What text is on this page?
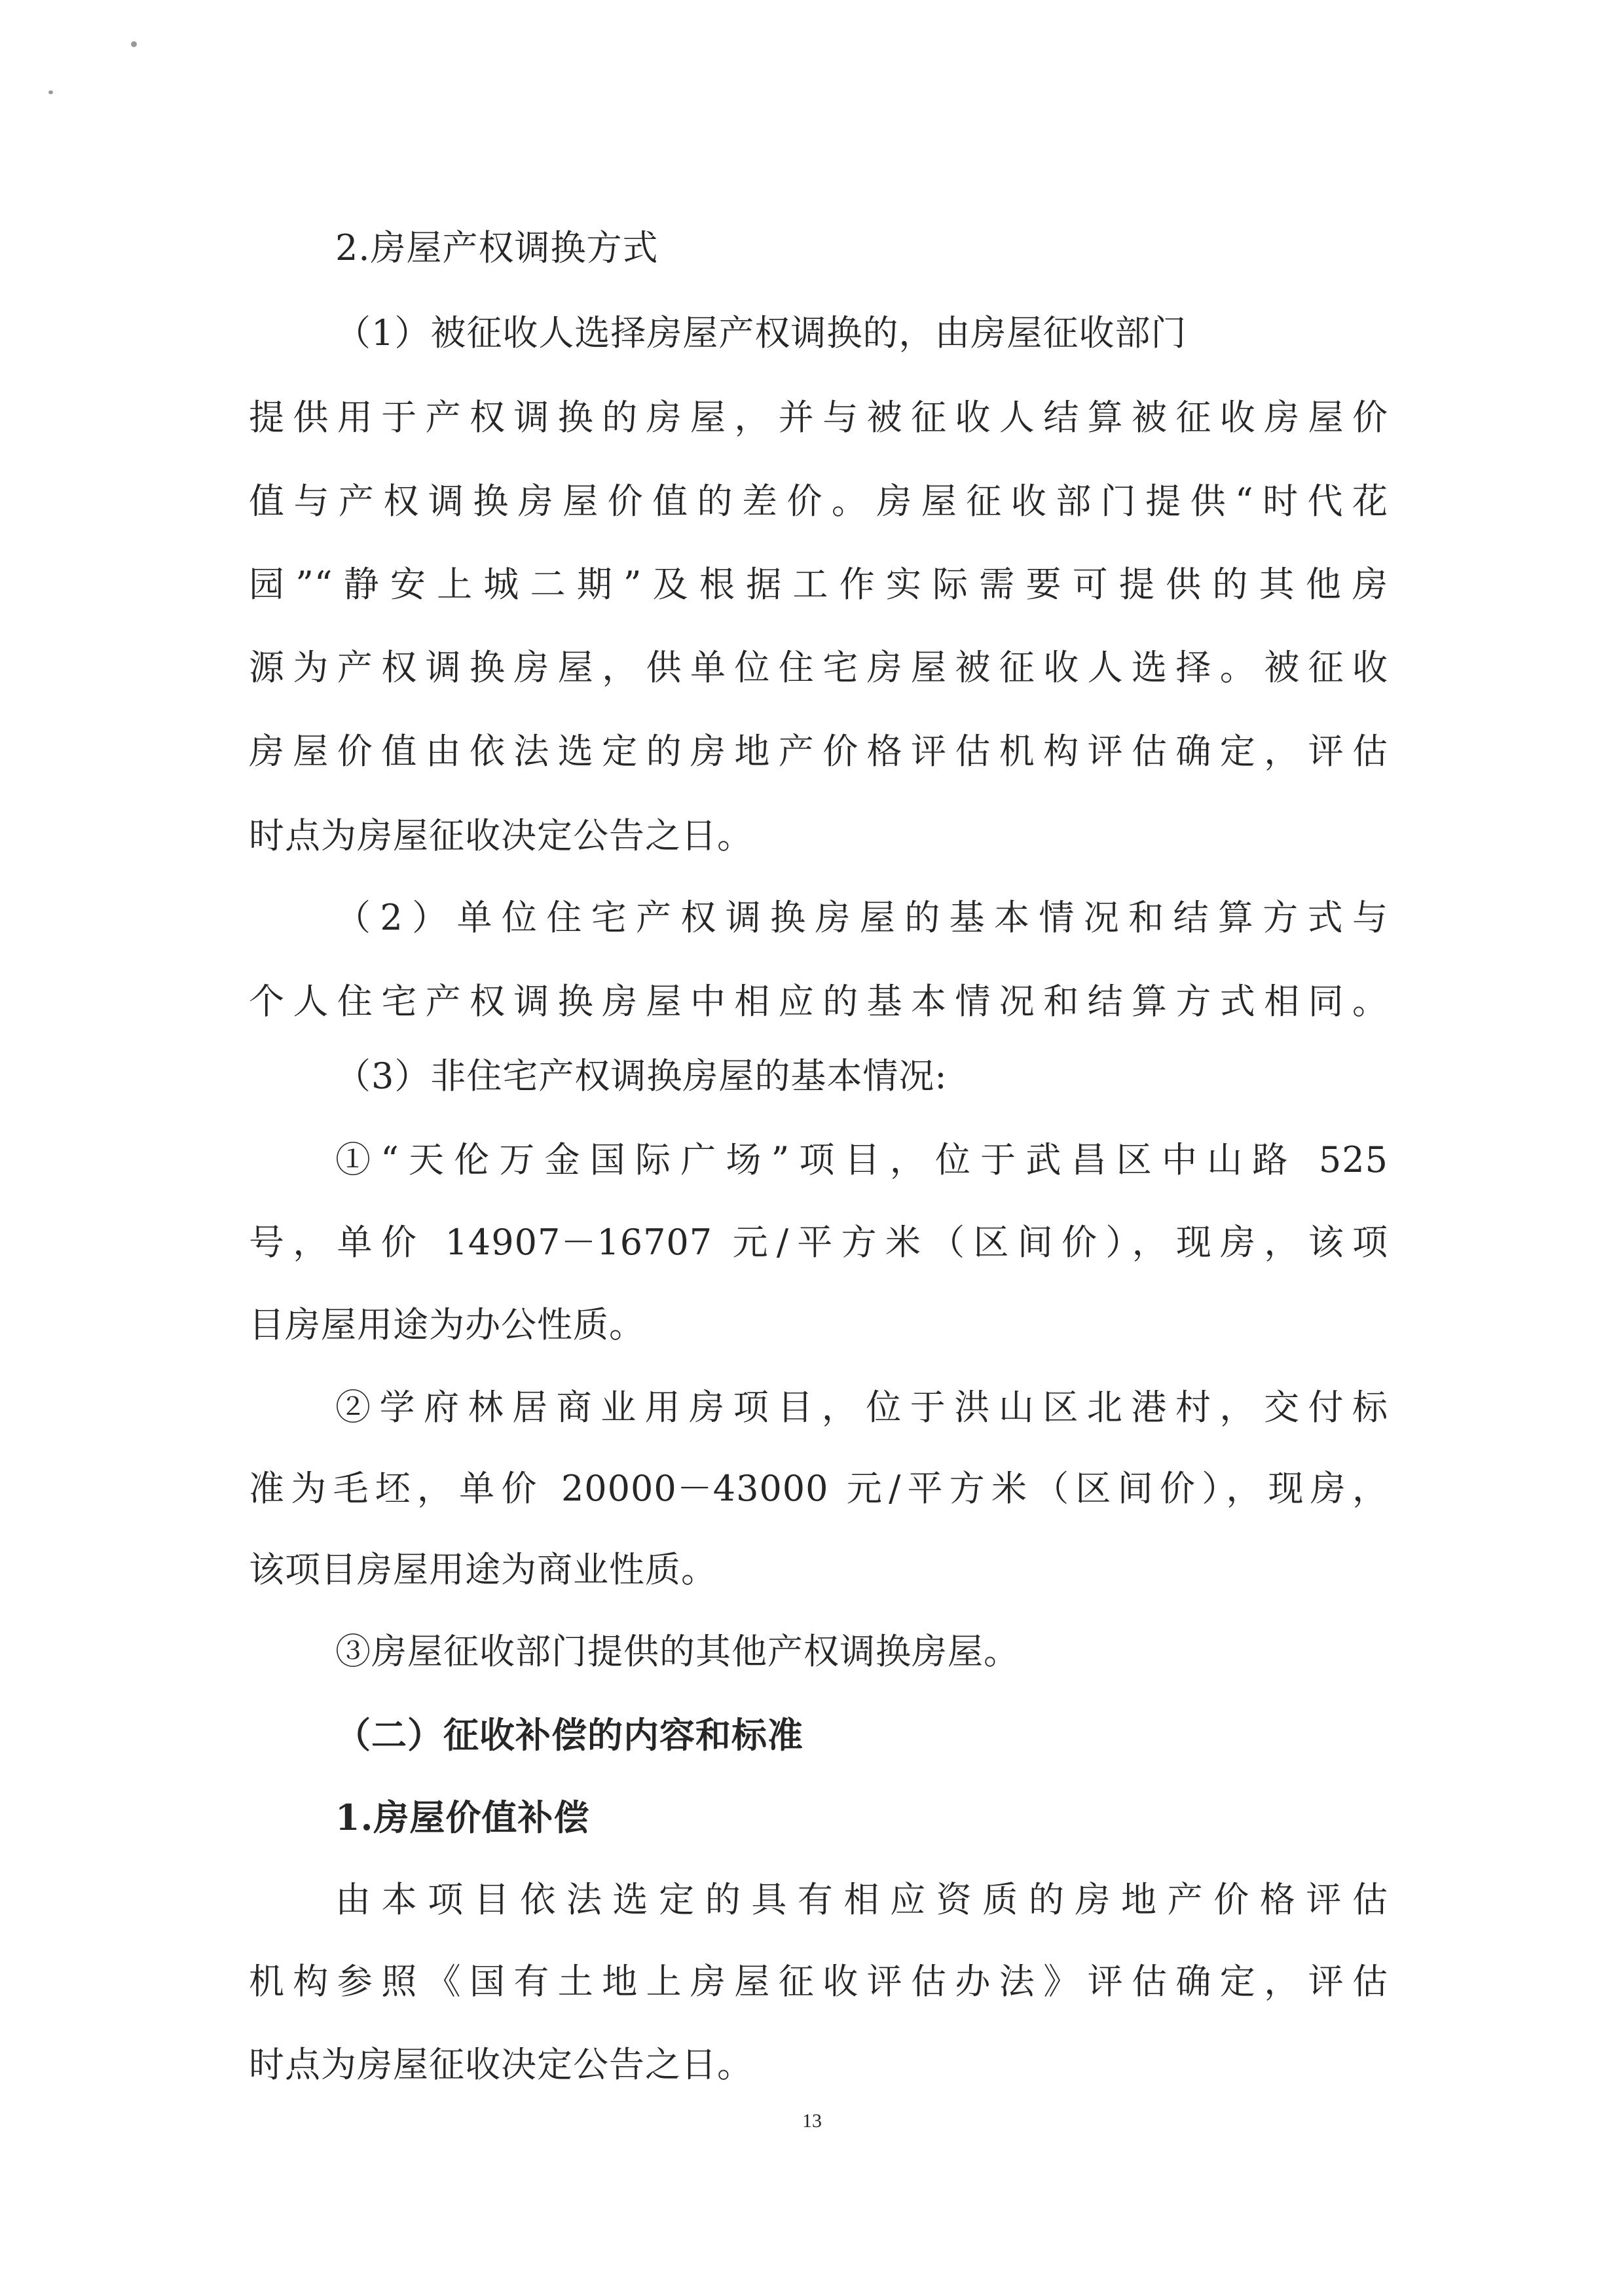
2.房屋产权调换方式
（1）被征收人选择房屋产权调换的，由房屋征收部门
提供用于产权调换的房屋，并与被征收人结算被征收房屋价
值与产权调换房屋价值的差价。房屋征收部门提供“时代花
园”“静安上城二期”及根据工作实际需要可提供的其他房
源为产权调换房屋，供单位住宅房屋被征收人选择。被征收
房屋价值由依法选定的房地产价格评估机构评估确定，评估
时点为房屋征收决定公告之日。
（2）单位住宅产权调换房屋的基本情况和结算方式与
个人住宅产权调换房屋中相应的基本情况和结算方式相同。
（3）非住宅产权调换房屋的基本情况:
①“天伦万金国际广场”项目，位于武昌区中山路 525
号，单价 14907－16707 元/平方米（区间价），现房，该项
目房屋用途为办公性质。
②学府林居商业用房项目，位于洪山区北港村，交付标
准为毛坯，单价 20000－43000 元/平方米（区间价），现房，
该项目房屋用途为商业性质。
③房屋征收部门提供的其他产权调换房屋。
（二）征收补偿的内容和标准
1.房屋价值补偿
由本项目依法选定的具有相应资质的房地产价格评估
机构参照《国有土地上房屋征收评估办法》评估确定，评估
时点为房屋征收决定公告之日。
13
